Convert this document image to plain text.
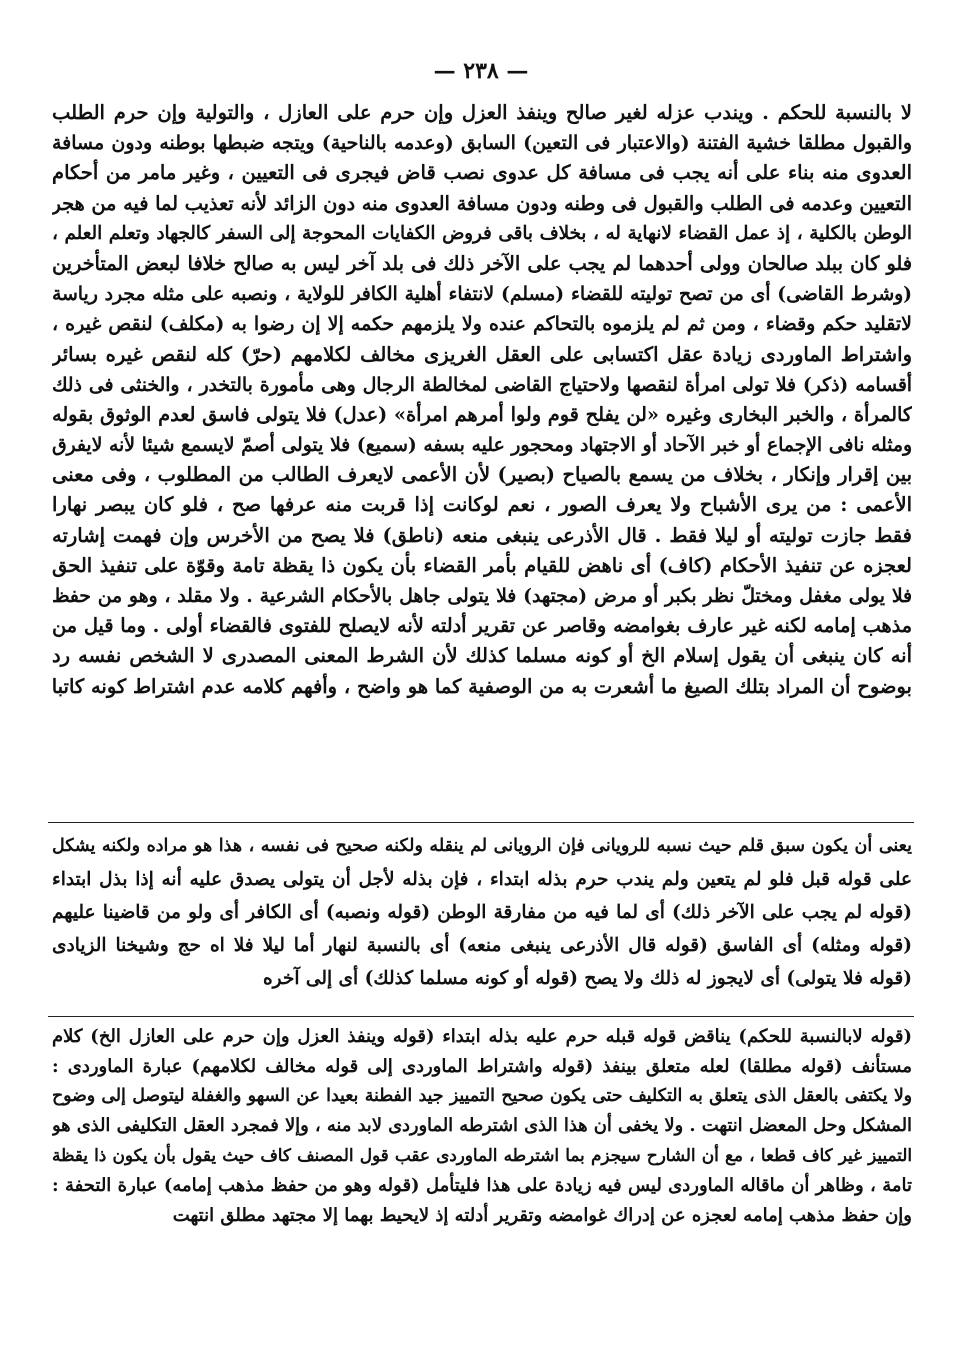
— ٢٣٨ —
لا بالنسبة للحكم . ويندب عزله لغير صالح وينفذ العزل وإن حرم على العازل ، والتولية وإن حرم الطلب
والقبول مطلقا خشية الفتنة (والاعتبار فى التعين) السابق (وعدمه بالناحية) ويتجه ضبطها بوطنه ودون مسافة
العدوى منه بناء على أنه يجب فى مسافة كل عدوى نصب قاض فيجرى فى التعيين ، وغير مامر من أحكام
التعيين وعدمه فى الطلب والقبول فى وطنه ودون مسافة العدوى منه دون الزائد لأنه تعذيب لما فيه من هجر
الوطن بالكلية ، إذ عمل القضاء لانهاية له ، بخلاف باقى فروض الكفايات المحوجة إلى السفر كالجهاد وتعلم العلم ،
فلو كان ببلد صالحان وولى أحدهما لم يجب على الآخر ذلك فى بلد آخر ليس به صالح خلافا لبعض المتأخرين
(وشرط القاضى) أى من تصح توليته للقضاء (مسلم) لانتفاء أهلية الكافر للولاية ، ونصبه على مثله مجرد رياسة
لاتقليد حكم وقضاء ، ومن ثم لم يلزموه بالتحاكم عنده ولا يلزمهم حكمه إلا إن رضوا به (مكلف) لنقص غيره ،
واشتراط الماوردى زيادة عقل اكتسابى على العقل الغريزى مخالف لكلامهم (حرّ) كله لنقص غيره بسائر
أقسامه (ذكر) فلا تولى امرأة لنقصها ولاحتياج القاضى لمخالطة الرجال وهى مأمورة بالتخدر ، والخنثى فى ذلك
كالمرأة ، والخبر البخارى وغيره «لن يفلح قوم ولوا أمرهم امرأة» (عدل) فلا يتولى فاسق لعدم الوثوق بقوله
ومثله نافى الإجماع أو خبر الآحاد أو الاجتهاد ومحجور عليه بسفه (سميع) فلا يتولى أصمّ لايسمع شيئا لأنه لايفرق
بين إقرار وإنكار ، بخلاف من يسمع بالصياح (بصير) لأن الأعمى لايعرف الطالب من المطلوب ، وفى معنى
الأعمى : من يرى الأشباح ولا يعرف الصور ، نعم لوكانت إذا قربت منه عرفها صح ، فلو كان يبصر نهارا
فقط جازت توليته أو ليلا فقط . قال الأذرعى ينبغى منعه (ناطق) فلا يصح من الأخرس وإن فهمت إشارته
لعجزه عن تنفيذ الأحكام (كاف) أى ناهض للقيام بأمر القضاء بأن يكون ذا يقظة تامة وقوّة على تنفيذ الحق
فلا يولى مغفل ومختلّ نظر بكبر أو مرض (مجتهد) فلا يتولى جاهل بالأحكام الشرعية . ولا مقلد ، وهو من حفظ
مذهب إمامه لكنه غير عارف بغوامضه وقاصر عن تقرير أدلته لأنه لايصلح للفتوى فالقضاء أولى . وما قيل من
أنه كان ينبغى أن يقول إسلام الخ أو كونه مسلما كذلك لأن الشرط المعنى المصدرى لا الشخص نفسه رد
بوضوح أن المراد بتلك الصيغ ما أشعرت به من الوصفية كما هو واضح ، وأفهم كلامه عدم اشتراط كونه كاتبا
يعنى أن يكون سبق قلم حيث نسبه للرويانى فإن الرويانى لم ينقله ولكنه صحيح فى نفسه ، هذا هو مراده ولكنه يشكل
على قوله قبل فلو لم يتعين ولم يندب حرم بذله ابتداء ، فإن بذله لأجل أن يتولى يصدق عليه أنه إذا بذل ابتداء
(قوله لم يجب على الآخر ذلك) أى لما فيه من مفارقة الوطن (قوله ونصبه) أى الكافر أى ولو من قاضينا عليهم
(قوله ومثله) أى الفاسق (قوله قال الأذرعى ينبغى منعه) أى بالنسبة لنهار أما ليلا فلا اه حج وشيخنا الزيادى
(قوله فلا يتولى) أى لايجوز له ذلك ولا يصح (قوله أو كونه مسلما كذلك) أى إلى آخره
(قوله لابالنسبة للحكم) يناقض قوله قبله حرم عليه بذله ابتداء (قوله وينفذ العزل وإن حرم على العازل الخ) كلام
مستأنف (قوله مطلقا) لعله متعلق بينفذ (قوله واشتراط الماوردى إلى قوله مخالف لكلامهم) عبارة الماوردى :
ولا يكتفى بالعقل الذى يتعلق به التكليف حتى يكون صحيح التمييز جيد الفطنة بعيدا عن السهو والغفلة ليتوصل إلى وضوح
المشكل وحل المعضل انتهت . ولا يخفى أن هذا الذى اشترطه الماوردى لابد منه ، وإلا فمجرد العقل التكليفى الذى هو
التمييز غير كاف قطعا ، مع أن الشارح سيجزم بما اشترطه الماوردى عقب قول المصنف كاف حيث يقول بأن يكون ذا يقظة
تامة ، وظاهر أن ماقاله الماوردى ليس فيه زيادة على هذا فليتأمل (قوله وهو من حفظ مذهب إمامه) عبارة التحفة :
وإن حفظ مذهب إمامه لعجزه عن إدراك غوامضه وتقرير أدلته إذ لايحيط بهما إلا مجتهد مطلق انتهت
